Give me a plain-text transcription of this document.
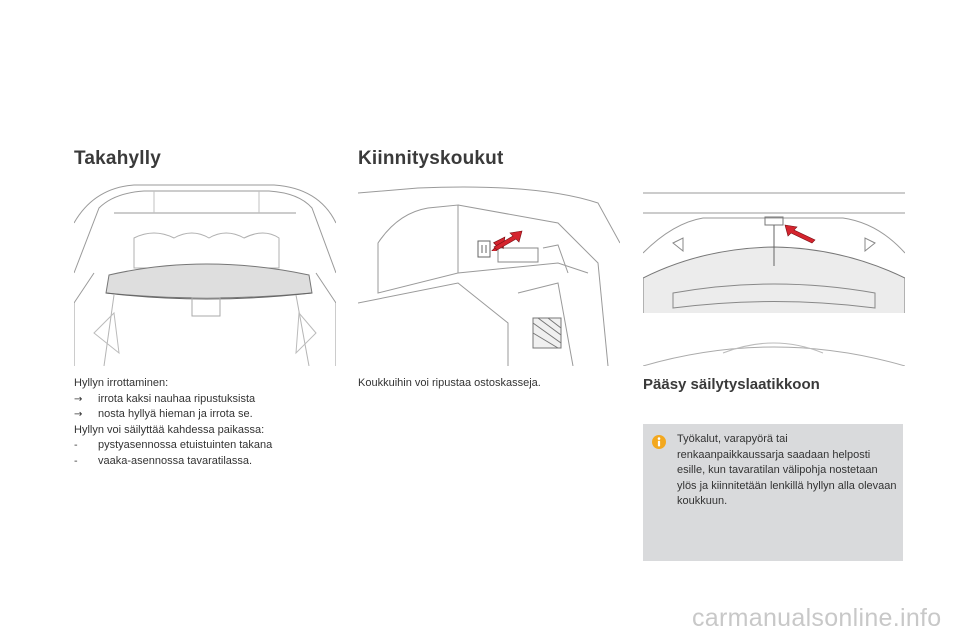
Takahylly	Kiinnityskoukut
Hyllyn irrottaminen:
→	irrota kaksi nauhaa ripustuksista
→	nosta hyllyä hieman ja irrota se.
Hyllyn voi säilyttää kahdessa paikassa:
-	pystyasennossa etuistuinten takana
-	vaaka-asennossa tavaratilassa.
Koukkuihin voi ripustaa ostoskasseja.	Pääsy säilytyslaatikkoon
Työkalut, varapyörä tai renkaanpaikkaussarja saadaan helposti esille, kun tavaratilan välipohja nostetaan ylös ja kiinnitetään lenkillä hyllyn alla olevaan koukkuun.
carmanualsonline.info
